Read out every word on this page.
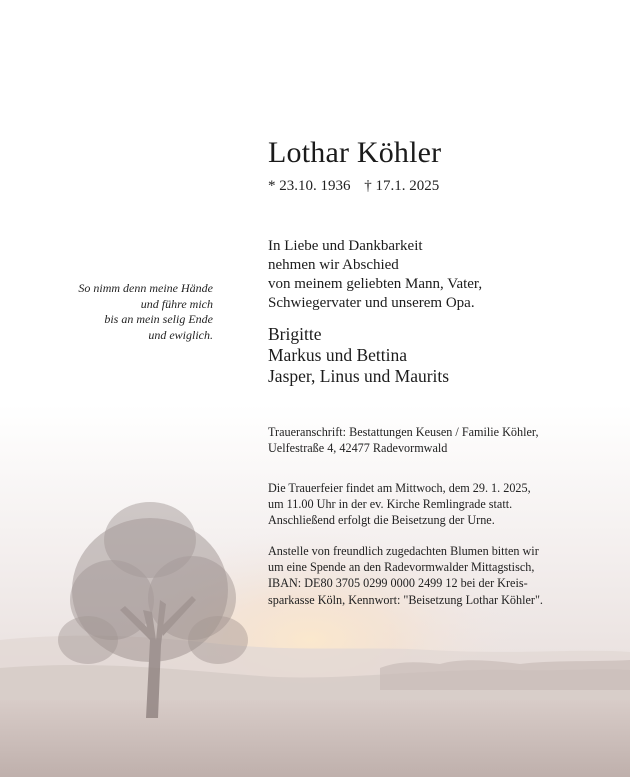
Lothar Köhler
* 23.10. 1936 † 17.1. 2025
So nimm denn meine Hände
und führe mich
bis an mein selig Ende
und ewiglich.
In Liebe und Dankbarkeit
nehmen wir Abschied
von meinem geliebten Mann, Vater,
Schwiegervater und unserem Opa.
Brigitte
Markus und Bettina
Jasper, Linus und Maurits
Traueranschrift: Bestattungen Keusen / Familie Köhler,
Uelfestraße 4, 42477 Radevormwald
Die Trauerfeier findet am Mittwoch, dem 29. 1. 2025,
um 11.00 Uhr in der ev. Kirche Remlingrade statt.
Anschließend erfolgt die Beisetzung der Urne.
Anstelle von freundlich zugedachten Blumen bitten wir
um eine Spende an den Radevormwalder Mittagstisch,
IBAN: DE80 3705 0299 0000 2499 12 bei der Kreis-
sparkasse Köln, Kennwort: "Beisetzung Lothar Köhler".
